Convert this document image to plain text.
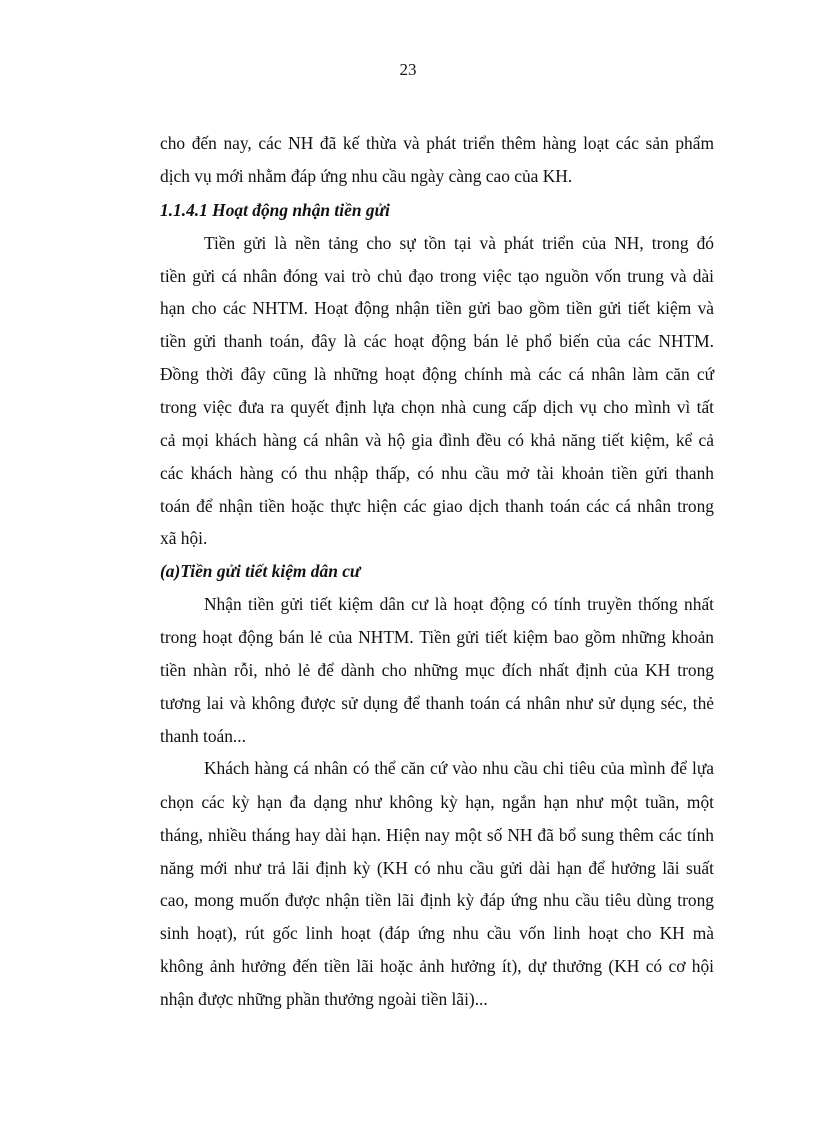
23
cho đến nay, các NH đã kế thừa và phát triển thêm hàng loạt các sản phẩm
dịch vụ mới nhằm đáp ứng nhu cầu ngày càng cao của KH.
1.1.4.1 Hoạt động nhận tiền gửi
Tiền gửi là nền tảng cho sự tồn tại và phát triển của NH, trong đó
tiền gửi cá nhân đóng vai trò chủ đạo trong việc tạo nguồn vốn trung và dài
hạn cho các NHTM. Hoạt động nhận tiền gửi bao gồm tiền gửi tiết kiệm và
tiền gửi thanh toán, đây là các hoạt động bán lẻ phổ biến của các NHTM.
Đồng thời đây cũng là những hoạt động chính mà các cá nhân làm căn cứ
trong việc đưa ra quyết định lựa chọn nhà cung cấp dịch vụ cho mình vì tất
cả mọi khách hàng cá nhân và hộ gia đình đều có khả năng tiết kiệm, kể cả
các khách hàng có thu nhập thấp, có nhu cầu mở tài khoản tiền gửi thanh
toán để nhận tiền hoặc thực hiện các giao dịch thanh toán các cá nhân trong
xã hội.
(a)Tiền gửi tiết kiệm dân cư
Nhận tiền gửi tiết kiệm dân cư là hoạt động có tính truyền thống nhất
trong hoạt động bán lẻ của NHTM. Tiền gửi tiết kiệm bao gồm những khoản
tiền nhàn rỗi, nhỏ lẻ để dành cho những mục đích nhất định của KH trong
tương lai và không được sử dụng để thanh toán cá nhân như sử dụng séc, thẻ
thanh toán...
Khách hàng cá nhân có thể căn cứ vào nhu cầu chi tiêu của mình để lựa
chọn các kỳ hạn đa dạng như không kỳ hạn, ngắn hạn như một tuần, một
tháng, nhiều tháng hay dài hạn. Hiện nay một số NH đã bổ sung thêm các tính
năng mới như trả lãi định kỳ (KH có nhu cầu gửi dài hạn để hưởng lãi suất
cao, mong muốn được nhận tiền lãi định kỳ đáp ứng nhu cầu tiêu dùng trong
sinh hoạt), rút gốc linh hoạt (đáp ứng nhu cầu vốn linh hoạt cho KH mà
không ảnh hưởng đến tiền lãi hoặc ảnh hưởng ít), dự thưởng (KH có cơ hội
nhận được những phần thưởng ngoài tiền lãi)...
